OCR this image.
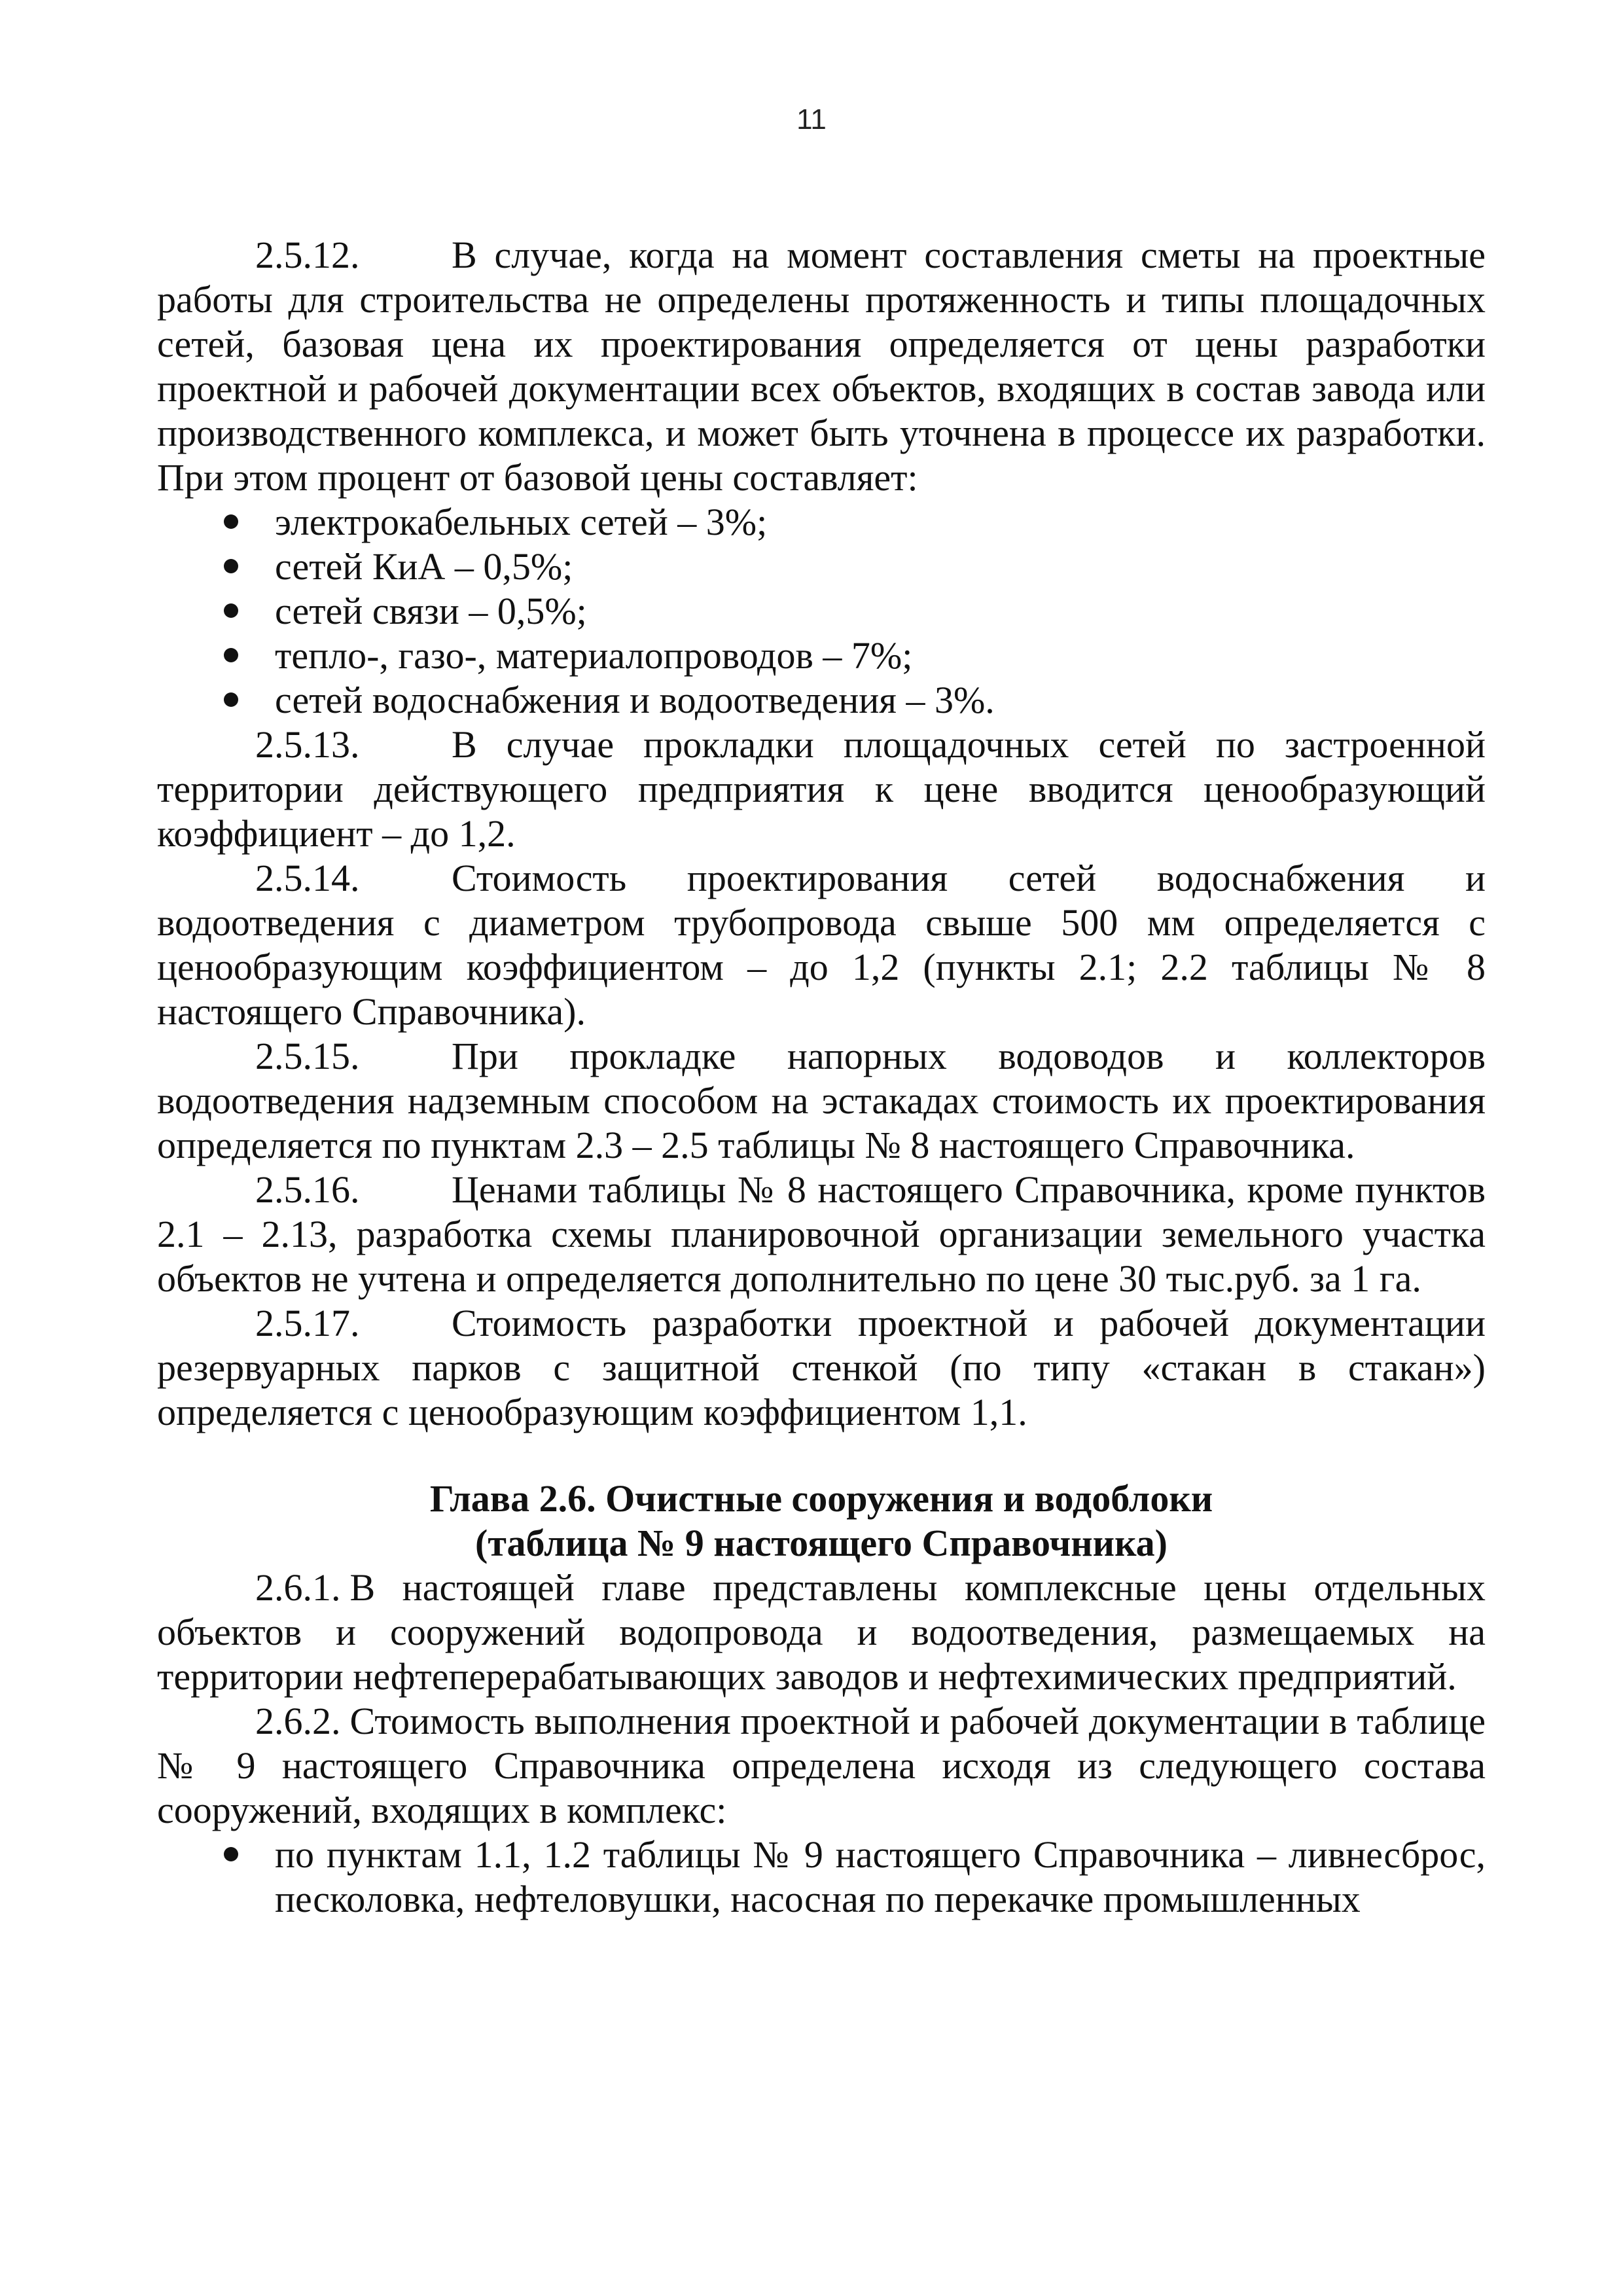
11

2.5.12. В случае, когда на момент составления сметы на проектные работы для строительства не определены протяженность и типы площадочных сетей, базовая цена их проектирования определяется от цены разработки проектной и рабочей документации всех объектов, входящих в состав завода или производственного комплекса, и может быть уточнена в процессе их разработки. При этом процент от базовой цены составляет:

электрокабельных сетей – 3%;
сетей КиА – 0,5%;
сетей связи – 0,5%;
тепло-, газо-, материалопроводов – 7%;
сетей водоснабжения и водоотведения – 3%.

2.5.13. В случае прокладки площадочных сетей по застроенной территории действующего предприятия к цене вводится ценообразующий коэффициент – до 1,2.

2.5.14. Стоимость проектирования сетей водоснабжения и водоотведения с диаметром трубопровода свыше 500 мм определяется с ценообразующим коэффициентом – до 1,2 (пункты 2.1; 2.2 таблицы № 8 настоящего Справочника).

2.5.15. При прокладке напорных водоводов и коллекторов водоотведения надземным способом на эстакадах стоимость их проектирования определяется по пунктам 2.3 – 2.5 таблицы № 8 настоящего Справочника.

2.5.16. Ценами таблицы № 8 настоящего Справочника, кроме пунктов 2.1 – 2.13, разработка схемы планировочной организации земельного участка объектов не учтена и определяется дополнительно по цене 30 тыс.руб. за 1 га.

2.5.17. Стоимость разработки проектной и рабочей документации резервуарных парков с защитной стенкой (по типу «стакан в стакан») определяется с ценообразующим коэффициентом 1,1.

Глава 2.6. Очистные сооружения и водоблоки
(таблица № 9 настоящего Справочника)

2.6.1. В настоящей главе представлены комплексные цены отдельных объектов и сооружений водопровода и водоотведения, размещаемых на территории нефтеперерабатывающих заводов и нефтехимических предприятий.

2.6.2. Стоимость выполнения проектной и рабочей документации в таблице № 9 настоящего Справочника определена исходя из следующего состава сооружений, входящих в комплекс:

по пунктам 1.1, 1.2 таблицы № 9 настоящего Справочника – ливнесброс, песколовка, нефтеловушки, насосная по перекачке промышленных
